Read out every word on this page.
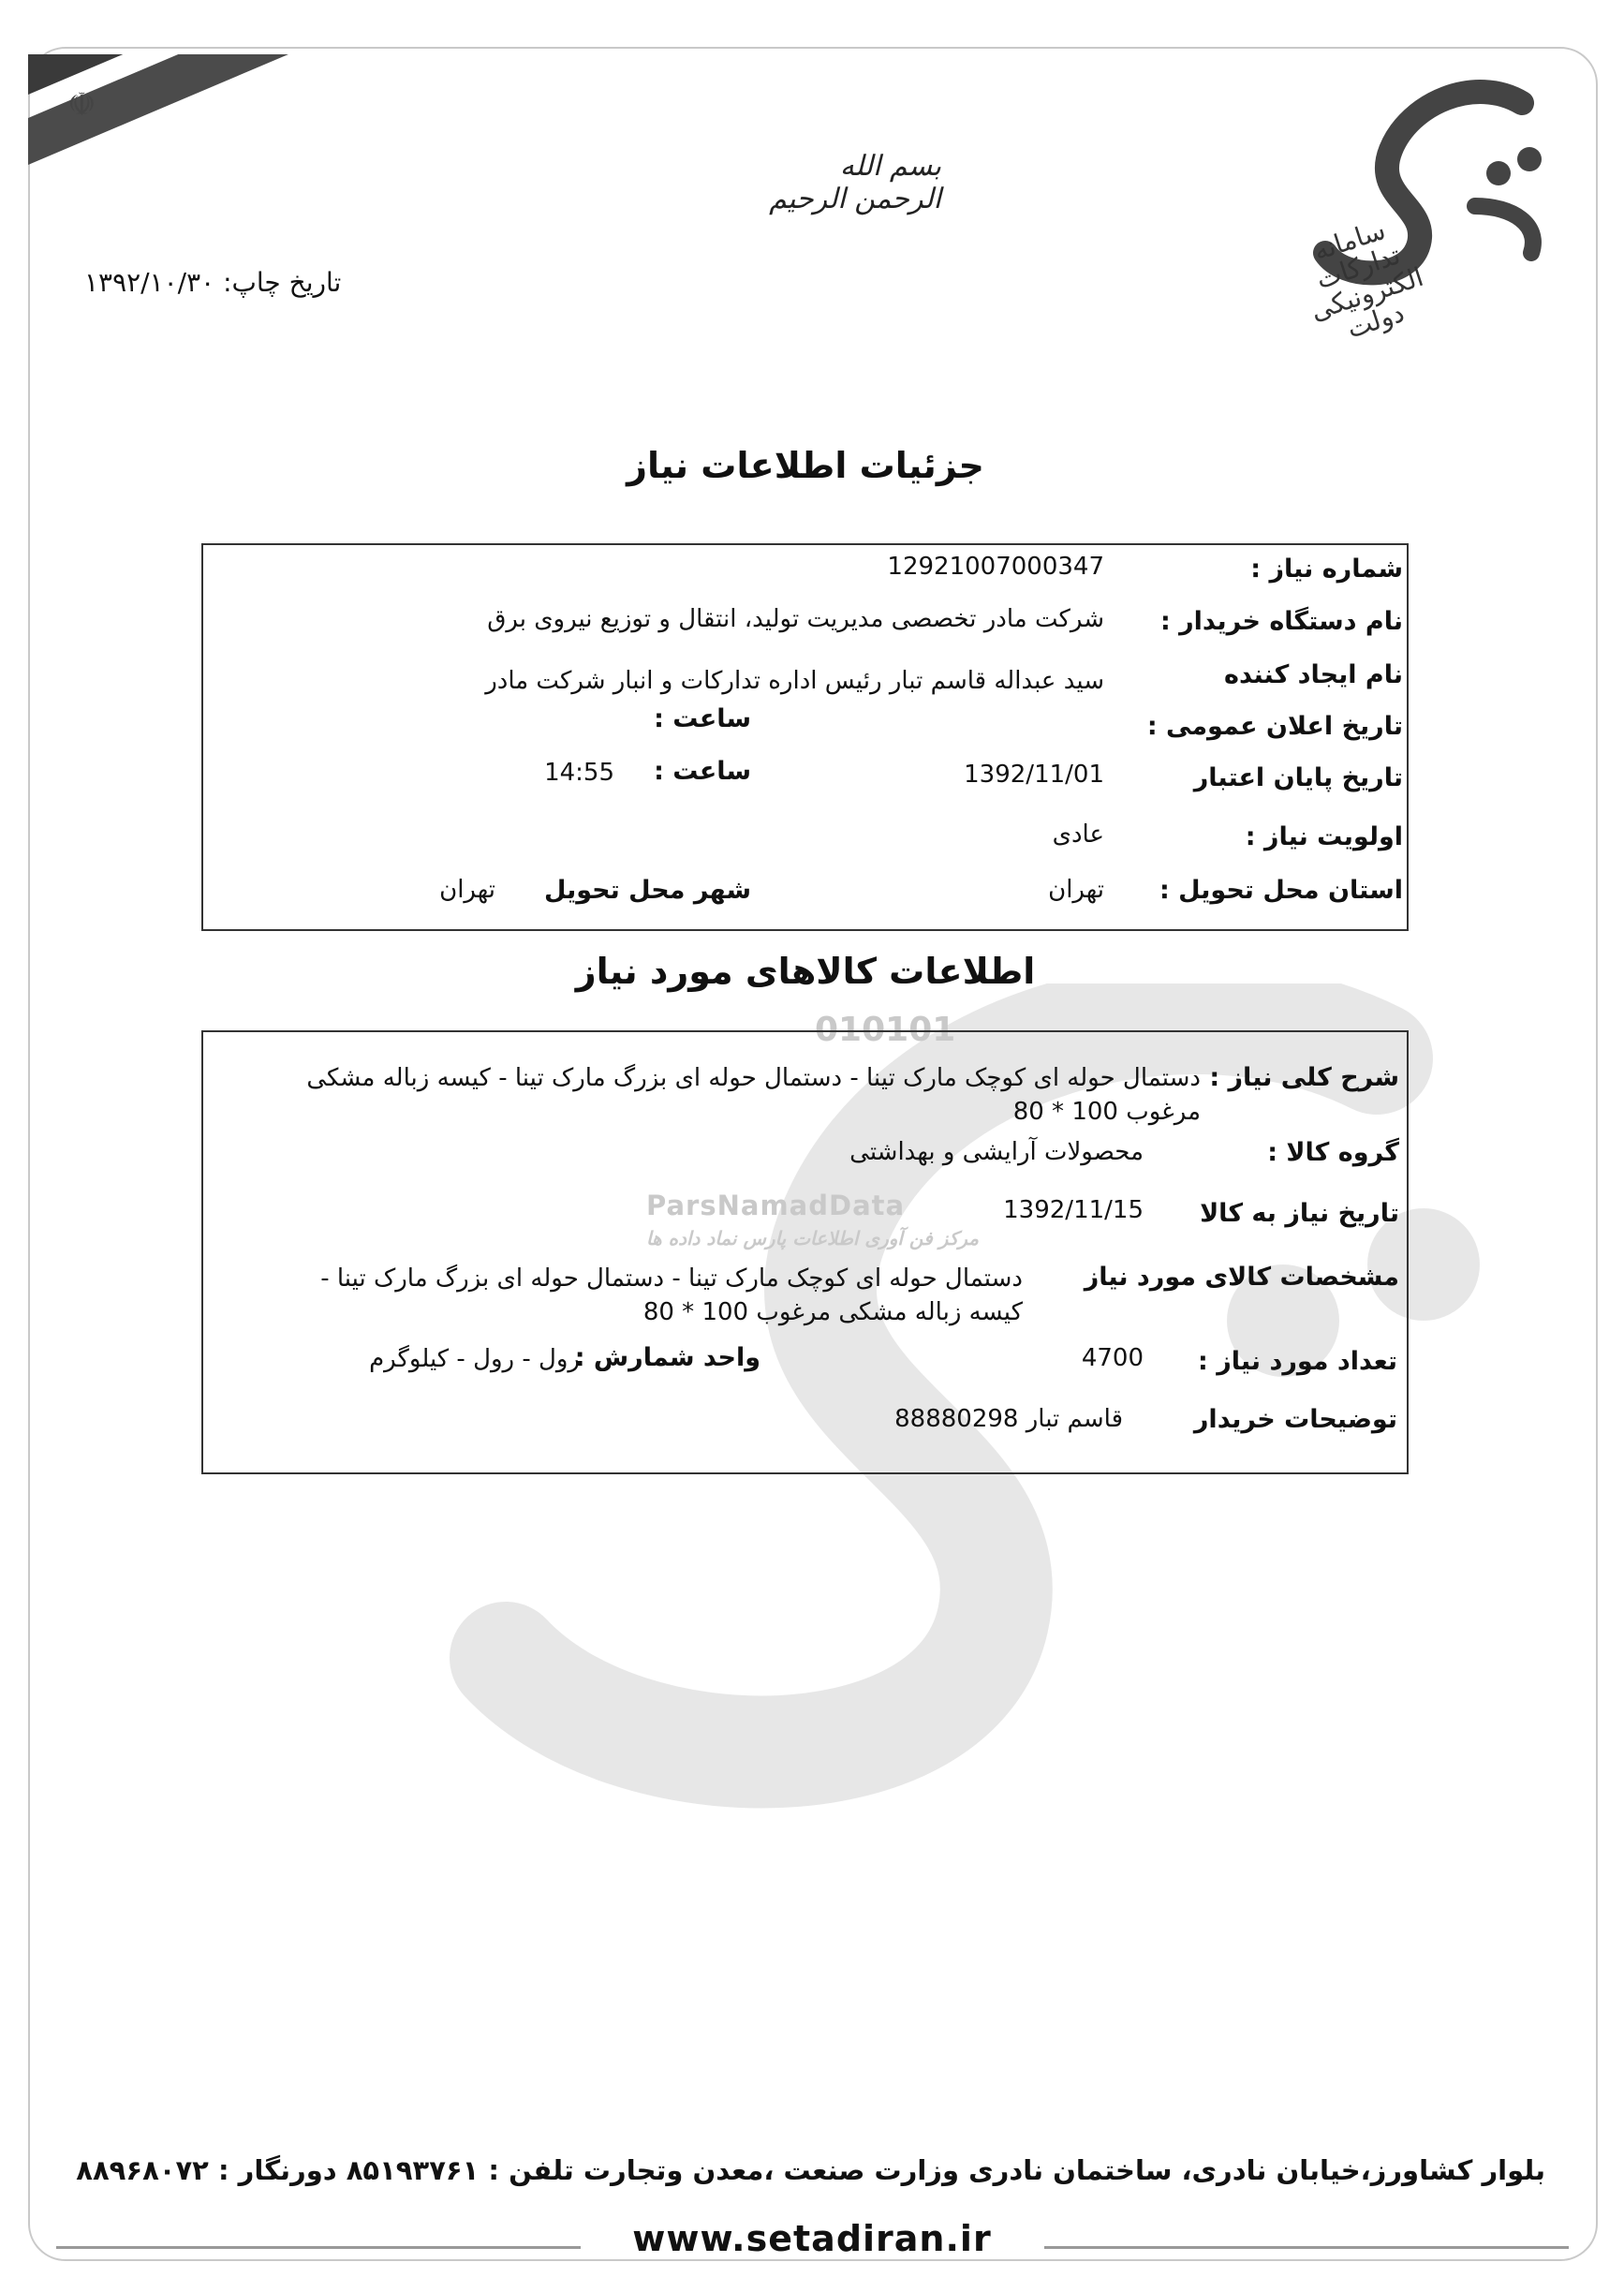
☫
بسم الله الرحمن الرحیم
سامانه تدارکات الکترونیکی دولت
تاریخ چاپ: ۱۳۹۲/۱۰/۳۰
010101
ParsNamadData
مرکز فن آوری اطلاعات پارس نماد داده ها
جزئیات اطلاعات نیاز
شماره نیاز :
12921007000347
نام دستگاه خریدار :
شرکت مادر تخصصی مدیریت تولید، انتقال و توزیع نیروی برق
نام ایجاد کننده
سید عبداله قاسم تبار رئیس اداره تدارکات و انبار شرکت مادر
تاریخ اعلان عمومی :
ساعت :
تاریخ پایان اعتبار
1392/11/01
ساعت :
14:55
اولویت نیاز :
عادی
استان محل تحویل :
تهران
شهر محل تحویل
تهران
اطلاعات کالاهای مورد نیاز
شرح کلی نیاز :
دستمال حوله ای کوچک مارک تینا - دستمال حوله ای بزرگ مارک تینا - کیسه زباله مشکی مرغوب 100 * 80
گروه کالا :
محصولات آرایشی و بهداشتی
تاریخ نیاز به کالا
1392/11/15
مشخصات کالای مورد نیاز
دستمال حوله ای کوچک مارک تینا - دستمال حوله ای بزرگ مارک تینا - کیسه زباله مشکی مرغوب 100 * 80
تعداد مورد نیاز :
4700
واحد شمارش :
رول - رول - کیلوگرم
توضیحات خریدار
قاسم تبار 88880298
بلوار کشاورز،خیابان نادری، ساختمان نادری وزارت صنعت ،معدن وتجارت تلفن : ۸۵۱۹۳۷۶۱ دورنگار : ۸۸۹۶۸۰۷۲
www.setadiran.ir
